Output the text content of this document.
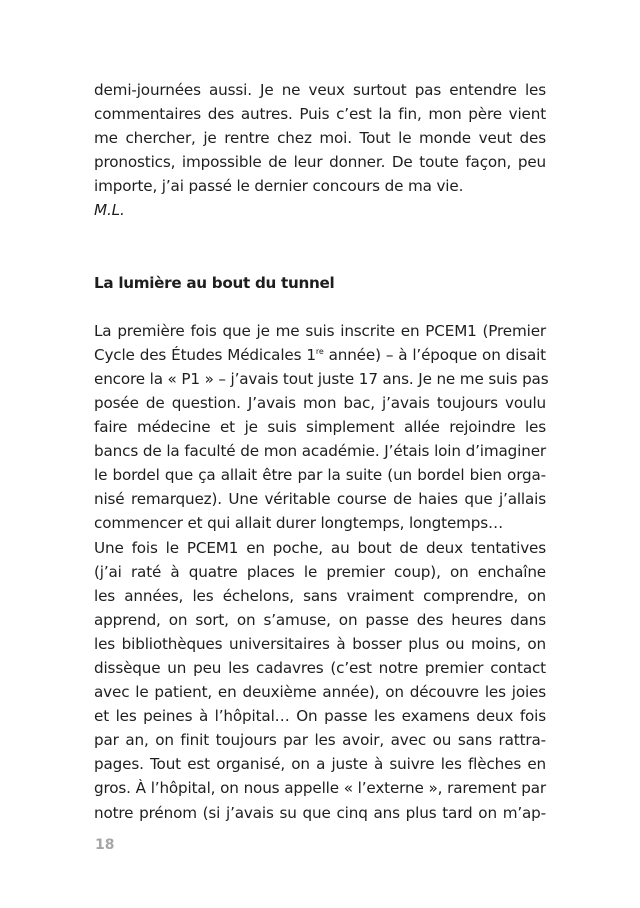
demi-journées aussi. Je ne veux surtout pas entendre les
commentaires des autres. Puis c’est la fin, mon père vient
me chercher, je rentre chez moi. Tout le monde veut des
pronostics, impossible de leur donner. De toute façon, peu
importe, j’ai passé le dernier concours de ma vie.
M.L.
La lumière au bout du tunnel
La première fois que je me suis inscrite en PCEM1 (Premier
Cycle des Études Médicales 1re année) – à l’époque on disait
encore la « P1 » – j’avais tout juste 17 ans. Je ne me suis pas
posée de question. J’avais mon bac, j’avais toujours voulu
faire médecine et je suis simplement allée rejoindre les
bancs de la faculté de mon académie. J’étais loin d’imaginer
le bordel que ça allait être par la suite (un bordel bien orga-
nisé remarquez). Une véritable course de haies que j’allais
commencer et qui allait durer longtemps, longtemps…
Une fois le PCEM1 en poche, au bout de deux tentatives
(j’ai raté à quatre places le premier coup), on enchaîne
les années, les échelons, sans vraiment comprendre, on
apprend, on sort, on s’amuse, on passe des heures dans
les bibliothèques universitaires à bosser plus ou moins, on
dissèque un peu les cadavres (c’est notre premier contact
avec le patient, en deuxième année), on découvre les joies
et les peines à l’hôpital… On passe les examens deux fois
par an, on finit toujours par les avoir, avec ou sans rattra-
pages. Tout est organisé, on a juste à suivre les flèches en
gros. À l’hôpital, on nous appelle « l’externe », rarement par
notre prénom (si j’avais su que cinq ans plus tard on m’ap-
18
